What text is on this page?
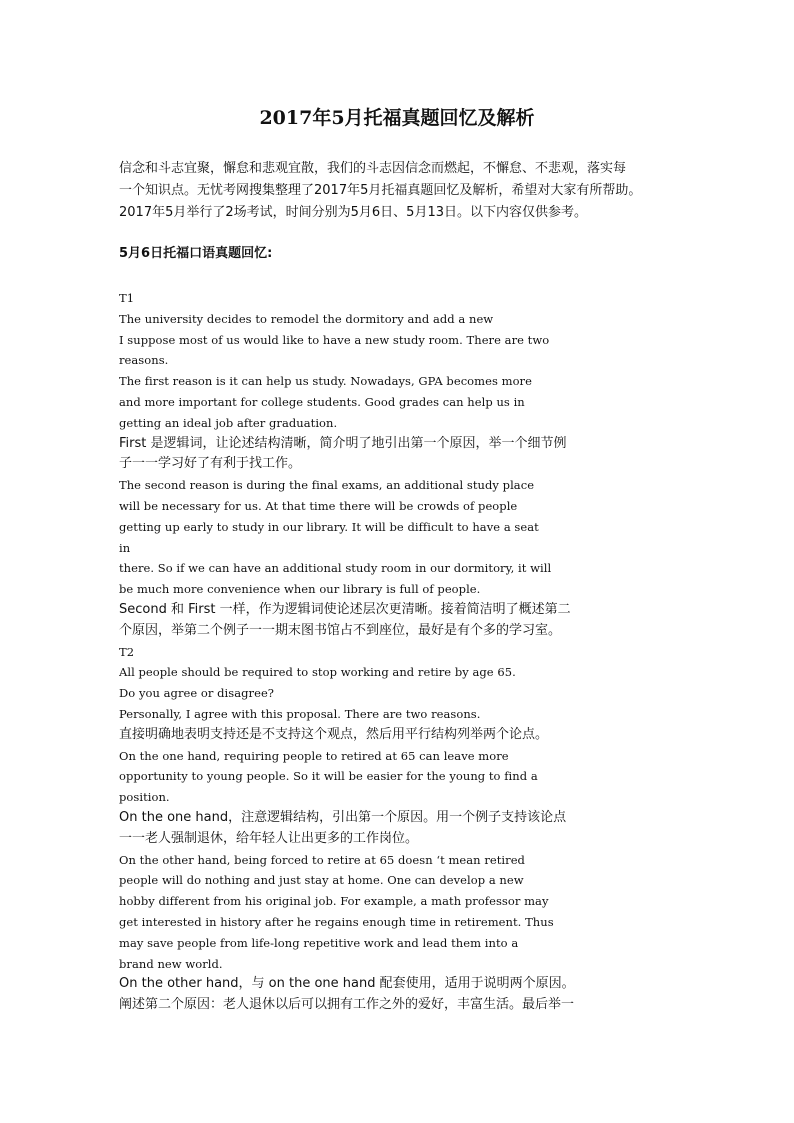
2017年5月托福真题回忆及解析
信念和斗志宜聚，懈怠和悲观宜散，我们的斗志因信念而燃起，不懈怠、不悲观，落实每
一个知识点。无忧考网搜集整理了2017年5月托福真题回忆及解析，希望对大家有所帮助。
2017年5月举行了2场考试，时间分别为5月6日、5月13日。以下内容仅供参考。
5月6日托福口语真题回忆:
T1
The university decides to remodel the dormitory and add a new
I suppose most of us would like to have a new study room. There are two
reasons.
The first reason is it can help us study. Nowadays, GPA becomes more
and more important for college students. Good grades can help us in
getting an ideal job after graduation.
First 是逻辑词，让论述结构清晰，简介明了地引出第一个原因，举一个细节例
子一一学习好了有利于找工作。
The second reason is during the final exams, an additional study place
will be necessary for us. At that time there will be crowds of people
getting up early to study in our library. It will be difficult to have a seat
in
there. So if we can have an additional study room in our dormitory, it will
be much more convenience when our library is full of people.
Second 和 First 一样，作为逻辑词使论述层次更清晰。接着简洁明了概述第二
个原因，举第二个例子一一期末图书馆占不到座位，最好是有个多的学习室。
T2
All people should be required to stop working and retire by age 65.
Do you agree or disagree?
Personally, I agree with this proposal. There are two reasons.
直接明确地表明支持还是不支持这个观点，然后用平行结构列举两个论点。
On the one hand, requiring people to retired at 65 can leave more
opportunity to young people. So it will be easier for the young to find a
position.
On the one hand，注意逻辑结构，引出第一个原因。用一个例子支持该论点
一一老人强制退休，给年轻人让出更多的工作岗位。
On the other hand, being forced to retire at 65 doesn ‘t mean retired
people will do nothing and just stay at home. One can develop a new
hobby different from his original job. For example, a math professor may
get interested in history after he regains enough time in retirement. Thus
may save people from life-long repetitive work and lead them into a
brand new world.
On the other hand，与 on the one hand 配套使用，适用于说明两个原因。
阐述第二个原因：老人退休以后可以拥有工作之外的爱好，丰富生活。最后举一
